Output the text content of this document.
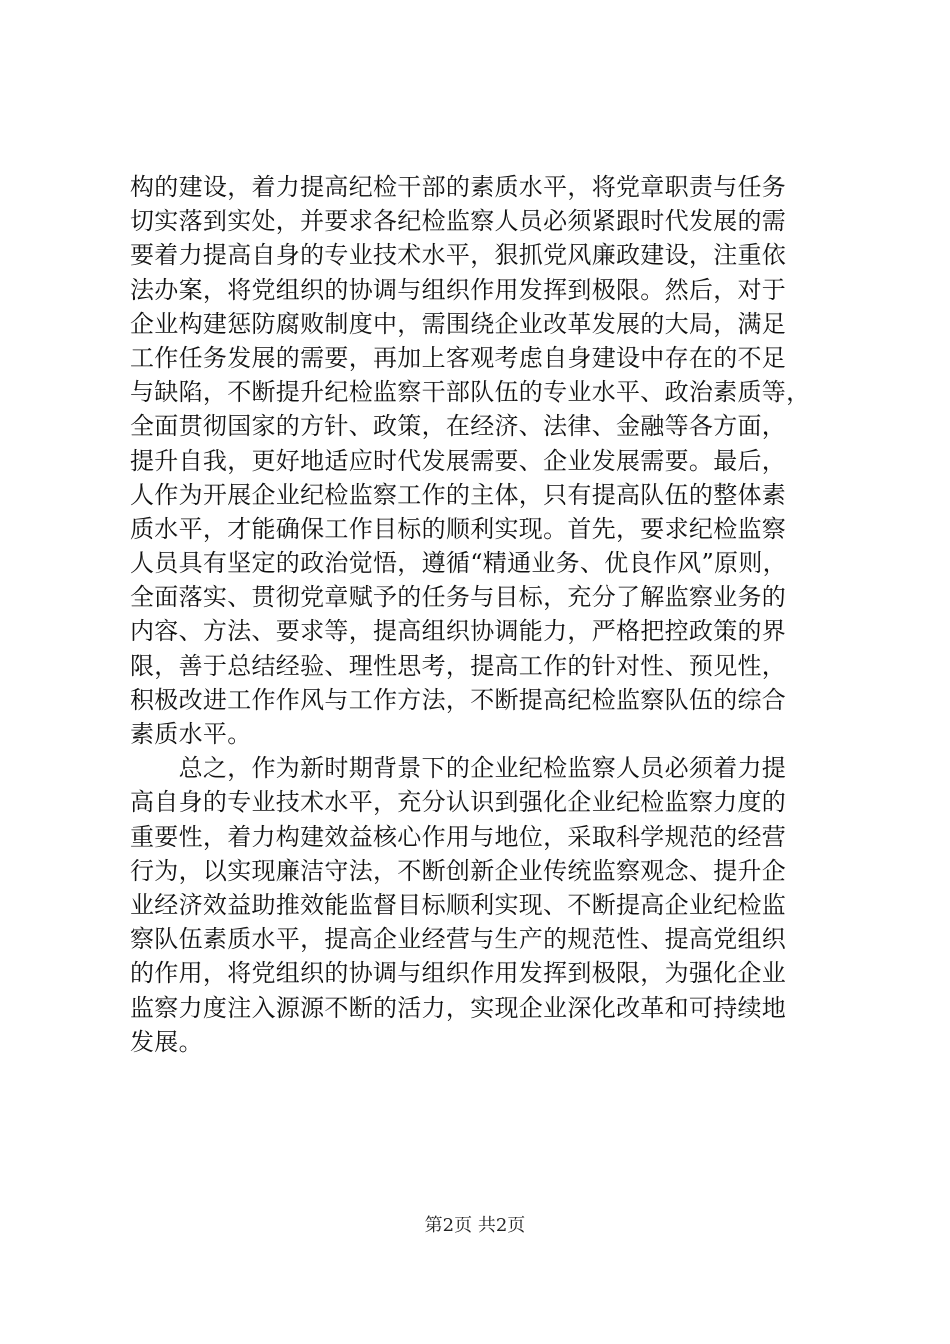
构的建设，着力提高纪检干部的素质水平，将党章职责与任务
切实落到实处，并要求各纪检监察人员必须紧跟时代发展的需
要着力提高自身的专业技术水平，狠抓党风廉政建设，注重依
法办案，将党组织的协调与组织作用发挥到极限。然后，对于
企业构建惩防腐败制度中，需围绕企业改革发展的大局，满足
工作任务发展的需要，再加上客观考虑自身建设中存在的不足
与缺陷，不断提升纪检监察干部队伍的专业水平、政治素质等，
全面贯彻国家的方针、政策，在经济、法律、金融等各方面，
提升自我，更好地适应时代发展需要、企业发展需要。最后，
人作为开展企业纪检监察工作的主体，只有提高队伍的整体素
质水平，才能确保工作目标的顺利实现。首先，要求纪检监察
人员具有坚定的政治觉悟，遵循“精通业务、优良作风”原则，
全面落实、贯彻党章赋予的任务与目标，充分了解监察业务的
内容、方法、要求等，提高组织协调能力，严格把控政策的界
限，善于总结经验、理性思考，提高工作的针对性、预见性，
积极改进工作作风与工作方法，不断提高纪检监察队伍的综合
素质水平。
　　总之，作为新时期背景下的企业纪检监察人员必须着力提
高自身的专业技术水平，充分认识到强化企业纪检监察力度的
重要性，着力构建效益核心作用与地位，采取科学规范的经营
行为，以实现廉洁守法，不断创新企业传统监察观念、提升企
业经济效益助推效能监督目标顺利实现、不断提高企业纪检监
察队伍素质水平，提高企业经营与生产的规范性、提高党组织
的作用，将党组织的协调与组织作用发挥到极限，为强化企业
监察力度注入源源不断的活力，实现企业深化改革和可持续地
发展。
第2页 共2页
